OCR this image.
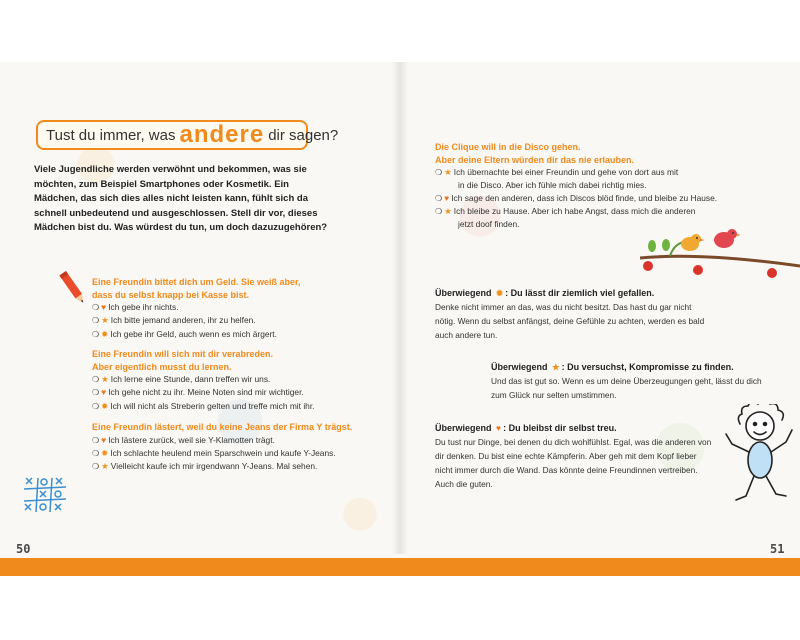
Tust du immer, was andere dir sagen?
Viele Jugendliche werden verwöhnt und bekommen, was sie möchten, zum Beispiel Smartphones oder Kosmetik. Ein Mädchen, das sich dies alles nicht leisten kann, fühlt sich da schnell unbedeutend und ausgeschlossen. Stell dir vor, dieses Mädchen bist du. Was würdest du tun, um doch dazuzugehören?
Eine Freundin bittet dich um Geld. Sie weiß aber,
dass du selbst knapp bei Kasse bist.
❍ ♥ Ich gebe ihr nichts.
❍ ★ Ich bitte jemand anderen, ihr zu helfen.
❍ ✹ Ich gebe ihr Geld, auch wenn es mich ärgert.
Eine Freundin will sich mit dir verabreden.
Aber eigentlich musst du lernen.
❍ ★ Ich lerne eine Stunde, dann treffen wir uns.
❍ ♥ Ich gehe nicht zu ihr. Meine Noten sind mir wichtiger.
❍ ✹ Ich will nicht als Streberin gelten und treffe mich mit ihr.
Eine Freundin lästert, weil du keine Jeans der Firma Y trägst.
❍ ♥ Ich lästere zurück, weil sie Y-Klamotten trägt.
❍ ✹ Ich schlachte heulend mein Sparschwein und kaufe Y-Jeans.
❍ ★ Vielleicht kaufe ich mir irgendwann Y-Jeans. Mal sehen.
50
Die Clique will in die Disco gehen.
Aber deine Eltern würden dir das nie erlauben.
❍ ★ Ich übernachte bei einer Freundin und gehe von dort aus mit
in die Disco. Aber ich fühle mich dabei richtig mies.
❍ ♥ Ich sage den anderen, dass ich Discos blöd finde, und bleibe zu Hause.
❍ ★ Ich bleibe zu Hause. Aber ich habe Angst, dass mich die anderen
jetzt doof finden.
Überwiegend ✹ : Du lässt dir ziemlich viel gefallen.
Denke nicht immer an das, was du nicht besitzt. Das hast du gar nicht
nötig. Wenn du selbst anfängst, deine Gefühle zu achten, werden es bald
auch andere tun.
Überwiegend ★ : Du versuchst, Kompromisse zu finden.
Und das ist gut so. Wenn es um deine Überzeugungen geht, lässt du dich
zum Glück nur selten umstimmen.
Überwiegend ♥ : Du bleibst dir selbst treu.
Du tust nur Dinge, bei denen du dich wohlfühlst. Egal, was die anderen von
dir denken. Du bist eine echte Kämpferin. Aber geh mit dem Kopf lieber
nicht immer durch die Wand. Das könnte deine Freundinnen vertreiben.
Auch die guten.
51
